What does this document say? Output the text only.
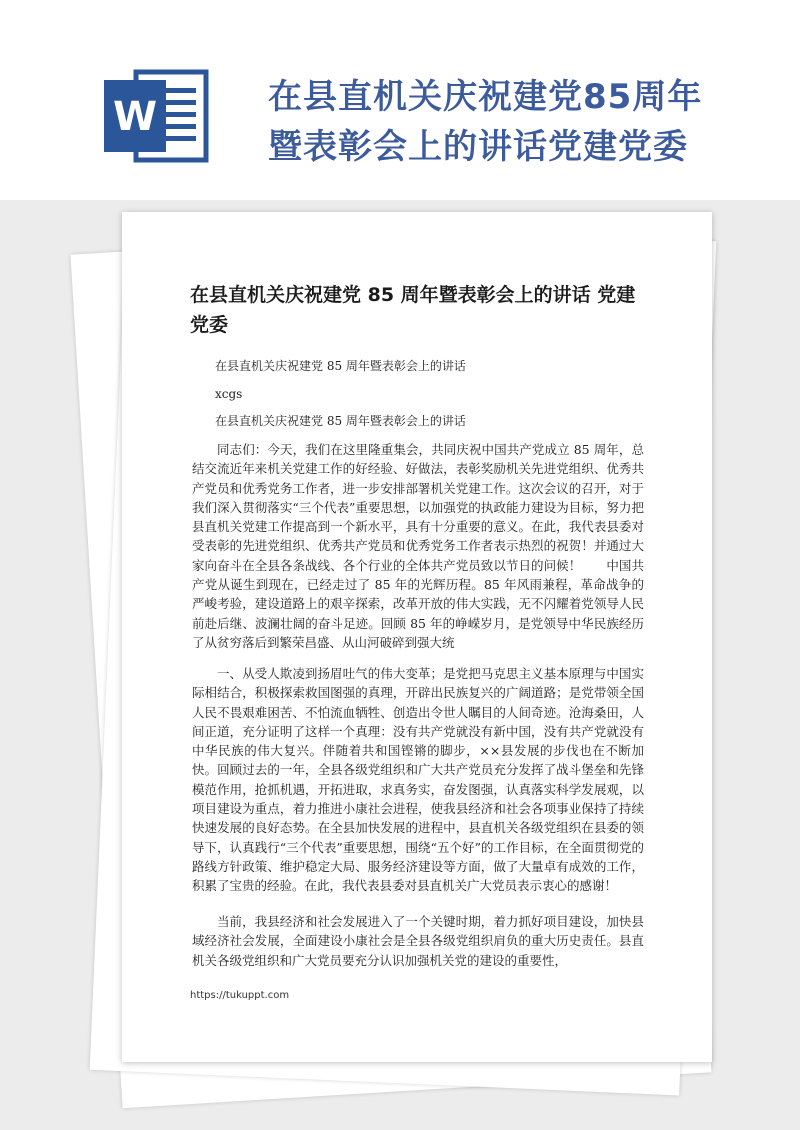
W	在县直机关庆祝建党85周年
暨表彰会上的讲话党建党委
在县直机关庆祝建党 85 周年暨表彰会上的讲话 党建党委
在县直机关庆祝建党 85 周年暨表彰会上的讲话
xcgs
在县直机关庆祝建党 85 周年暨表彰会上的讲话

同志们：今天，我们在这里隆重集会，共同庆祝中国共产党成立 85 周年，总结交流近年来机关党建工作的好经验、好做法，表彰奖励机关先进党组织、优秀共产党员和优秀党务工作者，进一步安排部署机关党建工作。这次会议的召开，对于我们深入贯彻落实“三个代表”重要思想，以加强党的执政能力建设为目标，努力把县直机关党建工作提高到一个新水平，具有十分重要的意义。在此，我代表县委对受表彰的先进党组织、优秀共产党员和优秀党务工作者表示热烈的祝贺！并通过大家向奋斗在全县各条战线、各个行业的全体共产党员致以节日的问候！　　中国共产党从诞生到现在，已经走过了 85 年的光辉历程。85 年风雨兼程，革命战争的严峻考验，建设道路上的艰辛探索，改革开放的伟大实践，无不闪耀着党领导人民前赴后继、波澜壮阔的奋斗足迹。回顾 85 年的峥嵘岁月，是党领导中华民族经历了从贫穷落后到繁荣昌盛、从山河破碎到强大统

一、从受人欺凌到扬眉吐气的伟大变革；是党把马克思主义基本原理与中国实际相结合，积极探索救国图强的真理，开辟出民族复兴的广阔道路；是党带领全国人民不畏艰难困苦、不怕流血牺牲、创造出令世人瞩目的人间奇迹。沧海桑田，人间正道，充分证明了这样一个真理：没有共产党就没有新中国，没有共产党就没有中华民族的伟大复兴。伴随着共和国铿锵的脚步，××县发展的步伐也在不断加快。回顾过去的一年，全县各级党组织和广大共产党员充分发挥了战斗堡垒和先锋模范作用，抢抓机遇，开拓进取，求真务实，奋发图强，认真落实科学发展观，以项目建设为重点，着力推进小康社会进程，使我县经济和社会各项事业保持了持续快速发展的良好态势。在全县加快发展的进程中，县直机关各级党组织在县委的领导下，认真践行“三个代表”重要思想，围绕“五个好”的工作目标，在全面贯彻党的路线方针政策、维护稳定大局、服务经济建设等方面，做了大量卓有成效的工作，积累了宝贵的经验。在此，我代表县委对县直机关广大党员表示衷心的感谢！

当前，我县经济和社会发展进入了一个关键时期，着力抓好项目建设，加快县域经济社会发展，全面建设小康社会是全县各级党组织肩负的重大历史责任。县直机关各级党组织和广大党员要充分认识加强机关党的建设的重要性，

https://tukuppt.com
